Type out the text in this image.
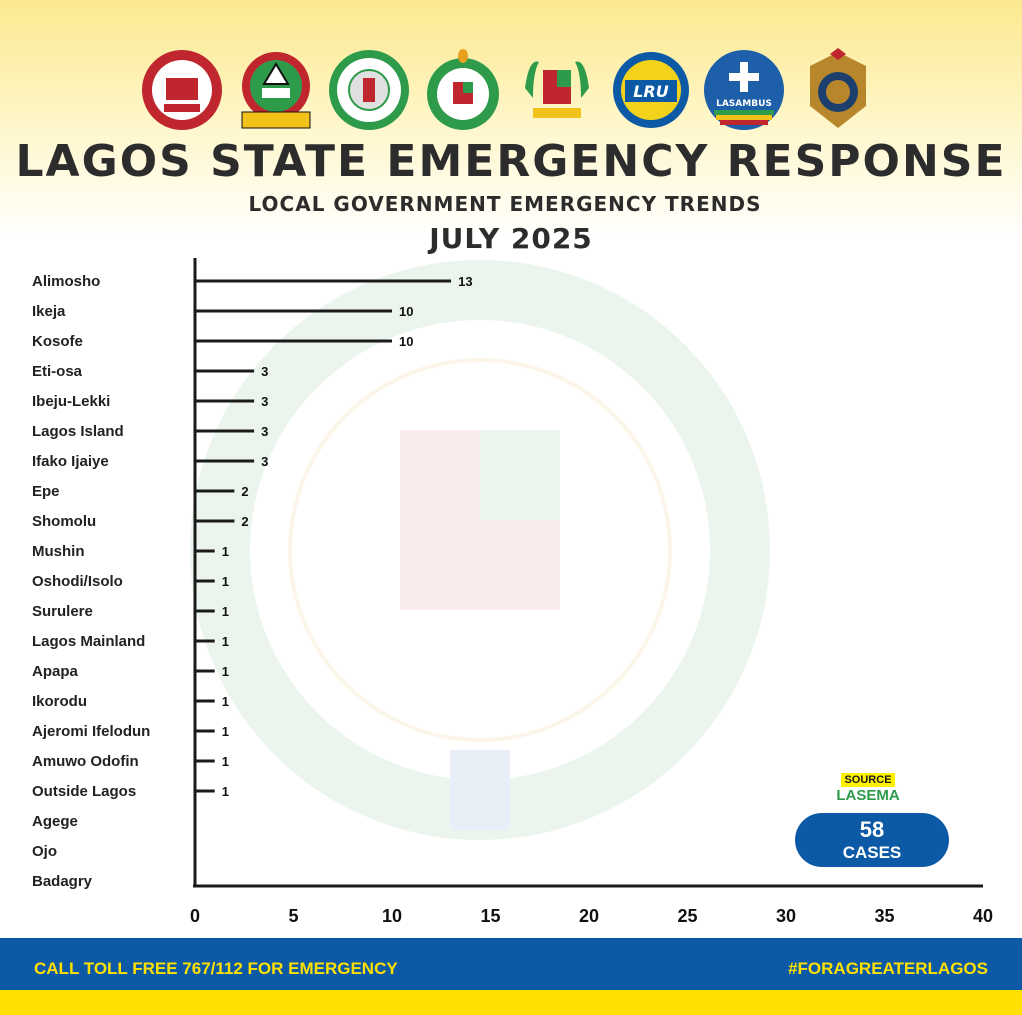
LRU
LASAMBUS
LAGOS STATE EMERGENCY RESPONSE
LOCAL GOVERNMENT EMERGENCY TRENDS
JULY 2025
Alimosho	13
Ikeja	10
Kosofe	10
Eti-osa	3
Ibeju-Lekki	3
Lagos Island	3
Ifako Ijaiye	3
Epe	2
Shomolu	2
Mushin	1
Oshodi/Isolo	1
Surulere	1
Lagos Mainland	1
Apapa	1
Ikorodu	1
Ajeromi Ifelodun	1
Amuwo Odofin	1
Outside Lagos	1
Agege
Ojo
Badagry
0	5	10	15	20	25	30	35	40
SOURCE
LASEMA
58
CASES
CALL TOLL FREE 767/112 FOR EMERGENCY	#FORAGREATERLAGOS
